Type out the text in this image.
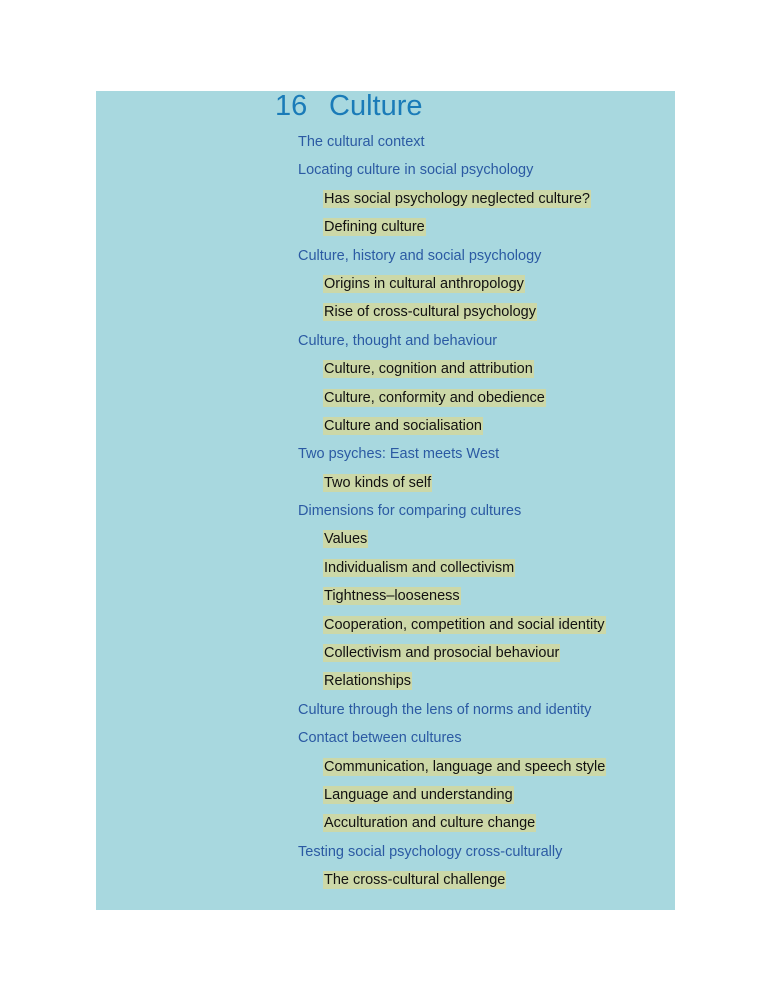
16 Culture
The cultural context
Locating culture in social psychology
Has social psychology neglected culture?
Defining culture
Culture, history and social psychology
Origins in cultural anthropology
Rise of cross-cultural psychology
Culture, thought and behaviour
Culture, cognition and attribution
Culture, conformity and obedience
Culture and socialisation
Two psyches: East meets West
Two kinds of self
Dimensions for comparing cultures
Values
Individualism and collectivism
Tightness–looseness
Cooperation, competition and social identity
Collectivism and prosocial behaviour
Relationships
Culture through the lens of norms and identity
Contact between cultures
Communication, language and speech style
Language and understanding
Acculturation and culture change
Testing social psychology cross-culturally
The cross-cultural challenge
